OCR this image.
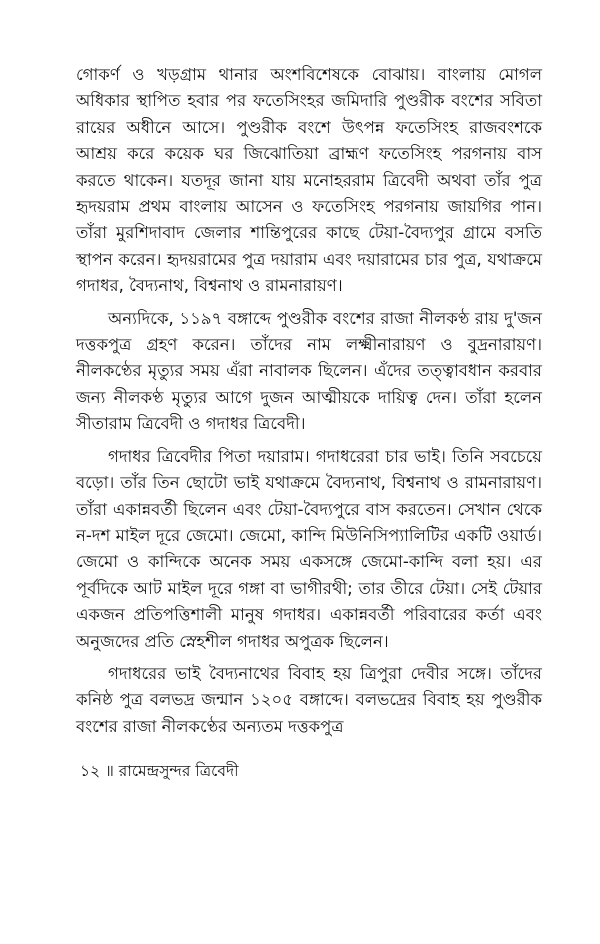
গোকর্ণ ও খড়গ্রাম থানার অংশবিশেষকে বোঝায়। বাংলায় মোগল অধিকার স্থাপিত হবার পর ফতেসিংহর জমিদারি পুণ্ডরীক বংশের সবিতা রায়ের অধীনে আসে। পুণ্ডরীক বংশে উৎপন্ন ফতেসিংহ রাজবংশকে আশ্রয় করে কয়েক ঘর জিঝোতিয়া ব্রাহ্মণ ফতেসিংহ পরগনায় বাস করতে থাকেন। যতদূর জানা যায় মনোহররাম ত্রিবেদী অথবা তাঁর পুত্র হৃদয়রাম প্রথম বাংলায় আসেন ও ফতেসিংহ পরগনায় জায়গির পান। তাঁরা মুরশিদাবাদ জেলার শান্তিপুরের কাছে টেয়া-বৈদ্যপুর গ্রামে বসতি স্থাপন করেন। হৃদয়রামের পুত্র দয়ারাম এবং দয়ারামের চার পুত্র, যথাক্রমে গদাধর, বৈদ্যনাথ, বিশ্বনাথ ও রামনারায়ণ।

অন্যদিকে, ১১৯৭ বঙ্গাব্দে পুণ্ডরীক বংশের রাজা নীলকণ্ঠ রায় দু'জন দত্তকপুত্র গ্রহণ করেন। তাঁদের নাম লক্ষ্মীনারায়ণ ও বুদ্রনারায়ণ। নীলকণ্ঠের মৃত্যুর সময় এঁরা নাবালক ছিলেন। এঁদের তত্ত্বাবধান করবার জন্য নীলকণ্ঠ মৃত্যুর আগে দুজন আত্মীয়কে দায়িত্ব দেন। তাঁরা হলেন সীতারাম ত্রিবেদী ও গদাধর ত্রিবেদী।

গদাধর ত্রিবেদীর পিতা দয়ারাম। গদাধরেরা চার ভাই। তিনি সবচেয়ে বড়ো। তাঁর তিন ছোটো ভাই যথাক্রমে বৈদ্যনাথ, বিশ্বনাথ ও রামনারায়ণ। তাঁরা একান্নবর্তী ছিলেন এবং টেয়া-বৈদ্যপুরে বাস করতেন। সেখান থেকে ন-দশ মাইল দূরে জেমো। জেমো, কান্দি মিউনিসিপ্যালিটির একটি ওয়ার্ড। জেমো ও কান্দিকে অনেক সময় একসঙ্গে জেমো-কান্দি বলা হয়। এর পূর্বদিকে আট মাইল দূরে গঙ্গা বা ভাগীরথী; তার তীরে টেয়া। সেই টেয়ার একজন প্রতিপত্তিশালী মানুষ গদাধর। একান্নবর্তী পরিবারের কর্তা এবং অনুজদের প্রতি স্নেহশীল গদাধর অপুত্রক ছিলেন।

গদাধরের ভাই বৈদ্যনাথের বিবাহ হয় ত্রিপুরা দেবীর সঙ্গে। তাঁদের কনিষ্ঠ পুত্র বলভদ্র জন্মান ১২০৫ বঙ্গাব্দে। বলভদ্রের বিবাহ হয় পুণ্ডরীক বংশের রাজা নীলকণ্ঠের অন্যতম দত্তকপুত্র

১২ ॥ রামেন্দ্রসুন্দর ত্রিবেদী
